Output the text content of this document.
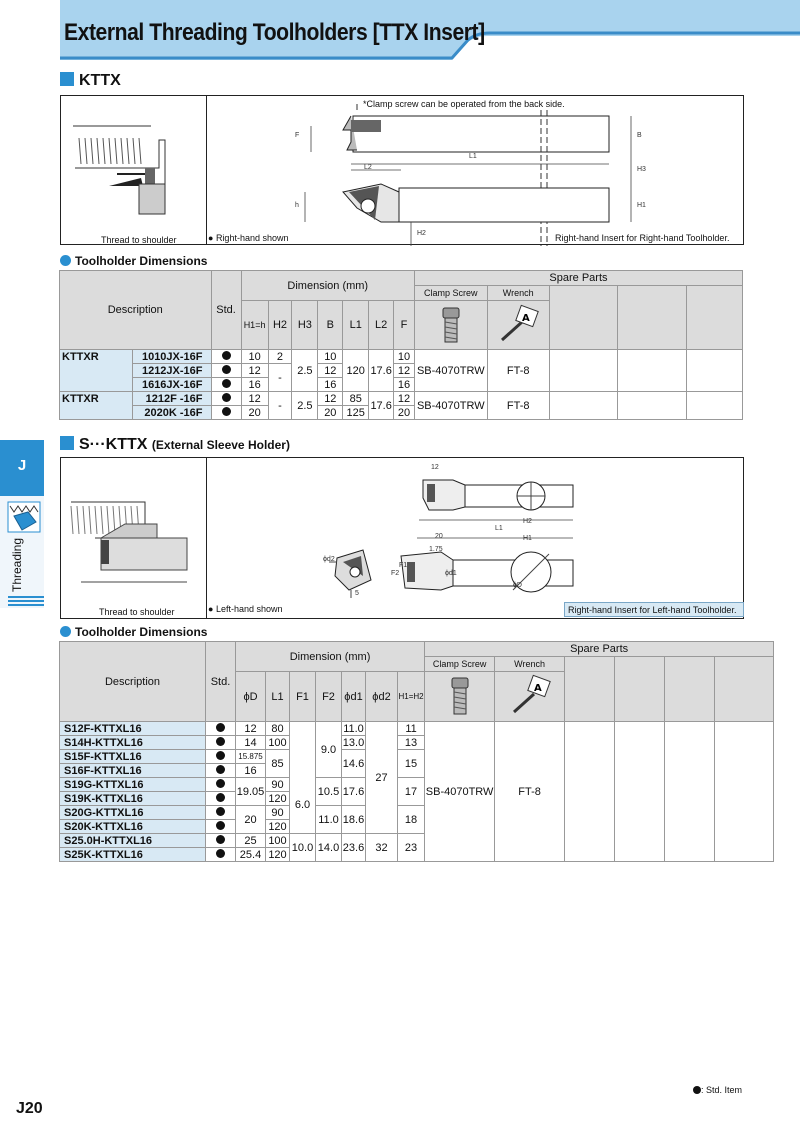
External Threading Toolholders [TTX Insert]
KTTX
*Clamp screw can be operated from the back side.
Thread to shoulder	● Right-hand shown	Right-hand Insert for Right-hand Toolholder.
L1
L2
F	B
H3
H1
h
H2
Toolholder Dimensions
Description		Std.	Dimension (mm)							Spare Parts				
										Clamp Screw	Wrench			
			H1=h	H2	H3	B	L1	L2	F		A			

KTTXR	1010JX-16F		10	2	2.5	10	120	17.6	10	SB-4070TRW	FT-8			
	1212JX-16F		12	-		12			12					
	1616JX-16F		16			16			16					
KTTXR	1212F -16F		12	-	2.5	12	85	17.6	12	SB-4070TRW	FT-8			
	2020K -16F		20			20	125		20					
S···KTTX (External Sleeve Holder)
12
H2
L1
20	H1
ϕd2
F2
F1
1.75
ϕd1
ϕD
5
Thread to shoulder	● Left-hand shown	Right-hand Insert for Left-hand Toolholder.
Toolholder Dimensions
Description	Std.	Dimension (mm)							Spare Parts					
									Clamp Screw	Wrench				
		ϕD	L1	F1	F2	ϕd1	ϕd2	H1=H2		A				

S12F-KTTXL16		12	80		9.0	11.0	27	11	SB-4070TRW	FT-8				
S14H-KTTXL16		14	100			13.0		13						
S15F-KTTXL16		15.875	85			14.6		15						
S16F-KTTXL16		16												
S19G-KTTXL16		19.05	90	6.0	10.5	17.6		17						
S19K-KTTXL16			120											
S20G-KTTXL16		20	90		11.0	18.6		18						
S20K-KTTXL16			120											
S25.0H-KTTXL16		25	100	10.0	14.0	23.6	32	23						
S25K-KTTXL16		25.4	120											
J
Threading
: Std. Item
J20
